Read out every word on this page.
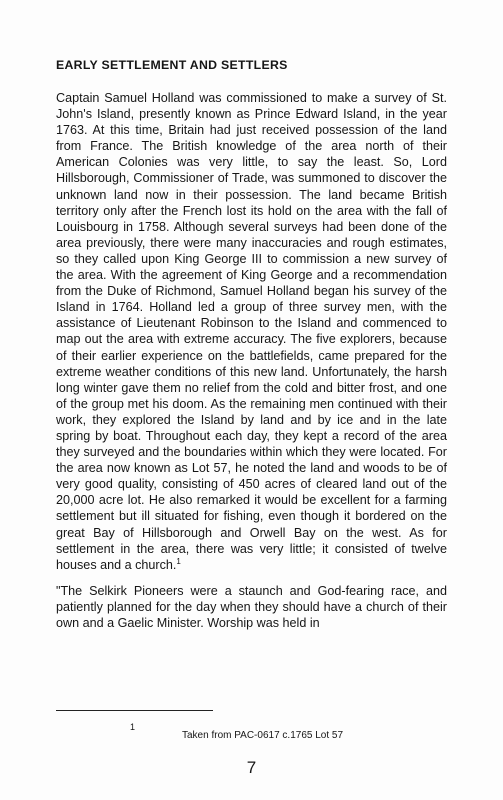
EARLY SETTLEMENT AND SETTLERS

Captain Samuel Holland was commissioned to make a survey of St. John's Island, presently known as Prince Edward Island, in the year 1763. At this time, Britain had just received possession of the land from France. The British knowledge of the area north of their American Colonies was very little, to say the least. So, Lord Hillsborough, Commissioner of Trade, was summoned to discover the unknown land now in their possession. The land became British territory only after the French lost its hold on the area with the fall of Louisbourg in 1758. Although several surveys had been done of the area previously, there were many inaccuracies and rough estimates, so they called upon King George III to commission a new survey of the area. With the agreement of King George and a recommendation from the Duke of Richmond, Samuel Holland began his survey of the Island in 1764. Holland led a group of three survey men, with the assistance of Lieutenant Robinson to the Island and commenced to map out the area with extreme accuracy. The five explorers, because of their earlier experience on the battlefields, came prepared for the extreme weather conditions of this new land. Unfortunately, the harsh long winter gave them no relief from the cold and bitter frost, and one of the group met his doom. As the remaining men continued with their work, they explored the Island by land and by ice and in the late spring by boat. Throughout each day, they kept a record of the area they surveyed and the boundaries within which they were located. For the area now known as Lot 57, he noted the land and woods to be of very good quality, consisting of 450 acres of cleared land out of the 20,000 acre lot. He also remarked it would be excellent for a farming settlement but ill situated for fishing, even though it bordered on the great Bay of Hillsborough and Orwell Bay on the west. As for settlement in the area, there was very little; it consisted of twelve houses and a church.$^1$

"The Selkirk Pioneers were a staunch and God-fearing race, and patiently planned for the day when they should have a church of their own and a Gaelic Minister. Worship was held in

1
Taken from PAC-0617 c.1765 Lot 57
7
